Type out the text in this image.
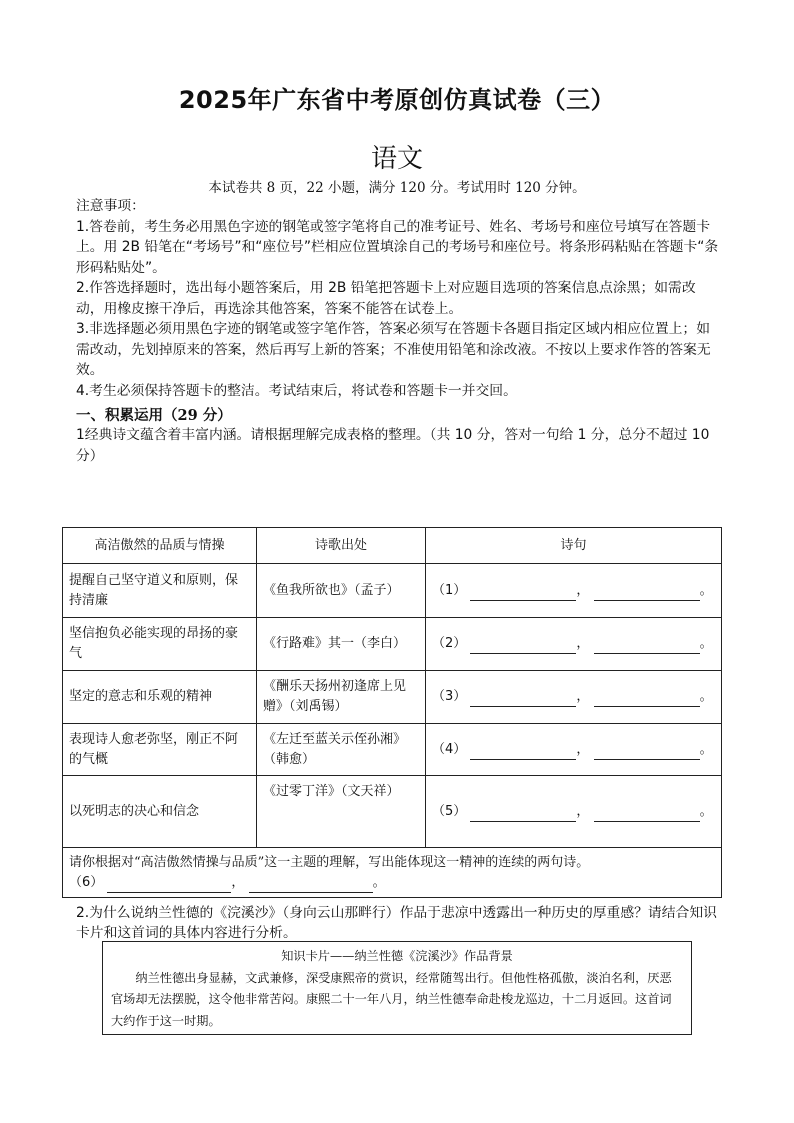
2025年广东省中考原创仿真试卷（三）
语文
本试卷共 8 页，22 小题，满分 120 分。考试用时 120 分钟。

注意事项：

1.答卷前，考生务必用黑色字迹的钢笔或签字笔将自己的准考证号、姓名、考场号和座位号填写在答题卡上。用 2B 铅笔在“考场号”和“座位号”栏相应位置填涂自己的考场号和座位号。将条形码粘贴在答题卡“条形码粘贴处”。

2.作答选择题时，选出每小题答案后，用 2B 铅笔把答题卡上对应题目选项的答案信息点涂黑；如需改动，用橡皮擦干净后，再选涂其他答案，答案不能答在试卷上。

3.非选择题必须用黑色字迹的钢笔或签字笔作答，答案必须写在答题卡各题目指定区域内相应位置上；如需改动，先划掉原来的答案，然后再写上新的答案；不准使用铅笔和涂改液。不按以上要求作答的答案无效。

4.考生必须保持答题卡的整洁。考试结束后，将试卷和答题卡一并交回。

一、积累运用（29 分）
1经典诗文蕴含着丰富内涵。请根据理解完成表格的整理。（共 10 分，答对一句给 1 分，总分不超过 10 分）
高洁傲然的品质与情操	诗歌出处	诗句
提醒自己坚守道义和原则，保持清廉	《鱼我所欲也》（孟子）	（1） ， 。
坚信抱负必能实现的昂扬的豪气	《行路难》其一（李白）	（2） ， 。
坚定的意志和乐观的精神	《酬乐天扬州初逢席上见赠》（刘禹锡）	（3） ， 。
表现诗人愈老弥坚，刚正不阿的气概	《左迁至蓝关示侄孙湘》（韩愈）	（4） ， 。
以死明志的决心和信念	《过零丁洋》（文天祥）	（5） ， 。

请你根据对“高洁傲然情操与品质”这一主题的理解，写出能体现这一精神的连续的两句诗。
（6） ， 。		
2.为什么说纳兰性德的《浣溪沙》（身向云山那畔行）作品于悲凉中透露出一种历史的厚重感？请结合知识卡片和这首词的具体内容进行分析。
知识卡片——纳兰性德《浣溪沙》作品背景

纳兰性德出身显赫，文武兼修，深受康熙帝的赏识，经常随驾出行。但他性格孤傲，淡泊名利，厌恶官场却无法摆脱，这令他非常苦闷。康熙二十一年八月，纳兰性德奉命赴梭龙巡边，十二月返回。这首词大约作于这一时期。
